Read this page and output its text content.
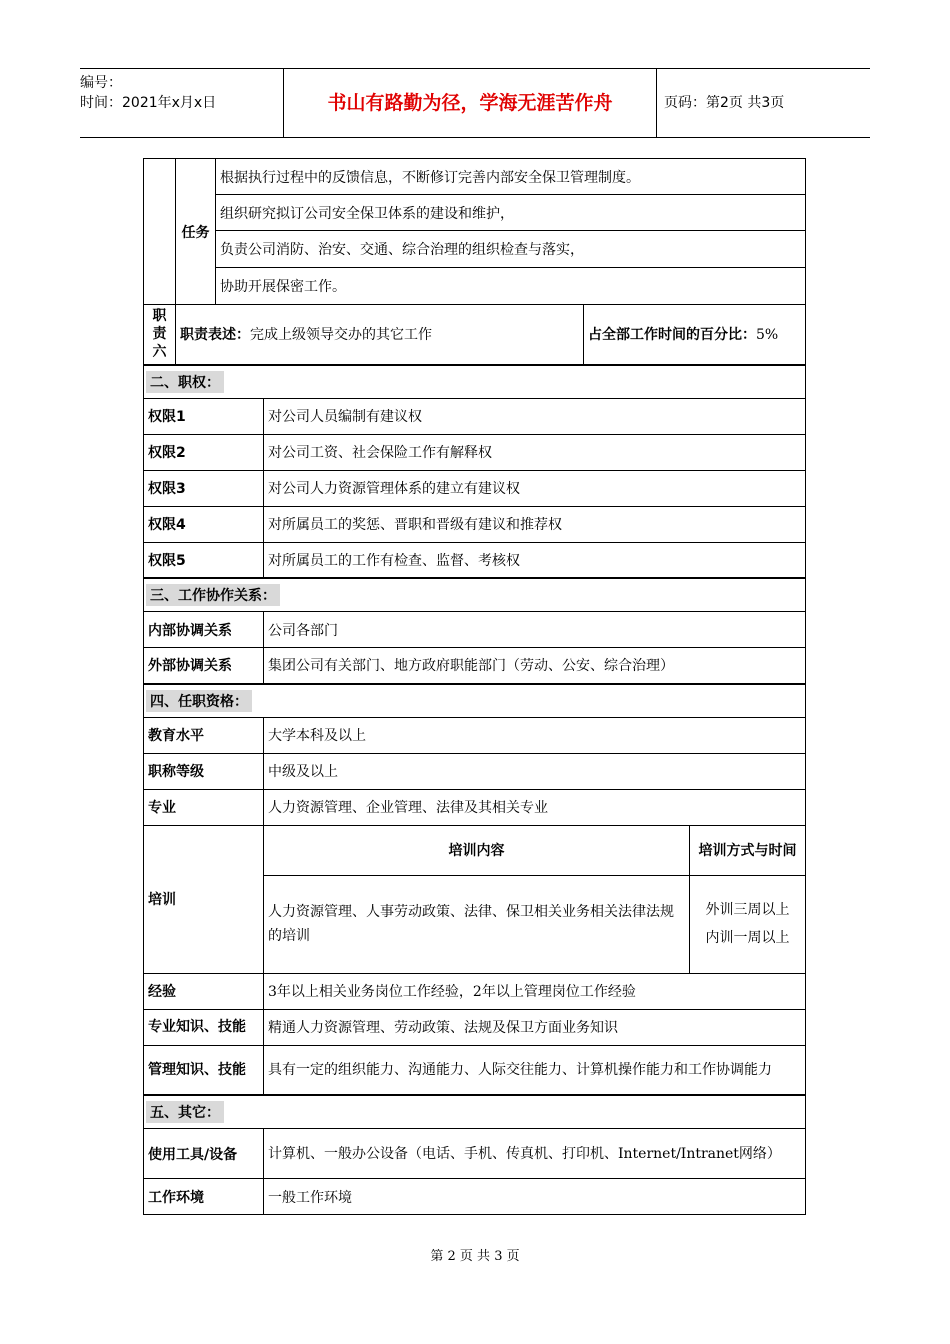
编号：
时间：2021年x月x日	书山有路勤为径，学海无涯苦作舟	页码：第2页 共3页
	任务	根据执行过程中的反馈信息，不断修订完善内部安全保卫管理制度。			
		组织研究拟订公司安全保卫体系的建设和维护，			
		负责公司消防、治安、交通、综合治理的组织检查与落实，			
		协助开展保密工作。			
职责六	职责表述：完成上级领导交办的其它工作			占全部工作时间的百分比：5%	
二、职权：					
权限1			对公司人员编制有建议权		
权限2			对公司工资、社会保险工作有解释权		
权限3			对公司人力资源管理体系的建立有建议权		
权限4			对所属员工的奖惩、晋职和晋级有建议和推荐权		
权限5			对所属员工的工作有检查、监督、考核权		
三、工作协作关系：					
内部协调关系			公司各部门		
外部协调关系			集团公司有关部门、地方政府职能部门（劳动、公安、综合治理）		
四、任职资格：					
教育水平			大学本科及以上		
职称等级			中级及以上		
专业			人力资源管理、企业管理、法律及其相关专业		
培训			培训内容		培训方式与时间
			人力资源管理、人事劳动政策、法律、保卫相关业务相关法律法规的培训		外训三周以上
内训一周以上

经验			3年以上相关业务岗位工作经验，2年以上管理岗位工作经验		
专业知识、技能			精通人力资源管理、劳动政策、法规及保卫方面业务知识		
管理知识、技能			具有一定的组织能力、沟通能力、人际交往能力、计算机操作能力和工作协调能力		
五、其它：					
使用工具/设备			计算机、一般办公设备（电话、手机、传真机、打印机、Internet/Intranet网络）		
工作环境			一般工作环境		
第 2 页 共 3 页
